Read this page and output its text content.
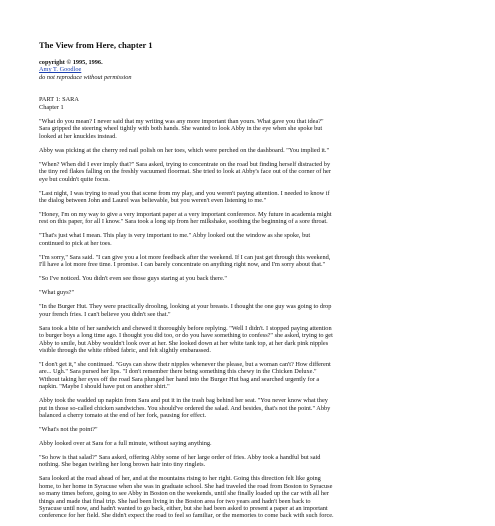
The View from Here, chapter 1
copyright © 1995, 1996.
Amy T. Goodloe
do not reproduce without permission
PART 1: SARA
Chapter 1
"What do you mean? I never said that my writing was any more important than yours. What gave you that idea?"
Sara gripped the steering wheel tightly with both hands. She wanted to look Abby in the eye when she spoke but
looked at her knuckles instead.
Abby was picking at the cherry red nail polish on her toes, which were perched on the dashboard. "You implied it."
"When? When did I ever imply that?" Sara asked, trying to concentrate on the road but finding herself distracted by
the tiny red flakes falling on the freshly vacuumed floormat. She tried to look at Abby's face out of the corner of her
eye but couldn't quite focus.
"Last night, I was trying to read you that scene from my play, and you weren't paying attention. I needed to know if
the dialog between John and Laurel was believable, but you weren't even listening to me."
"Honey, I'm on my way to give a very important paper at a very important conference. My future in academia might
rest on this paper, for all I know." Sara took a long sip from her milkshake, soothing the beginning of a sore throat.
"That's just what I mean. This play is very important to me." Abby looked out the window as she spoke, but
continued to pick at her toes.
"I'm sorry," Sara said. "I can give you a lot more feedback after the weekend. If I can just get through this weekend,
I'll have a lot more free time. I promise. I can barely concentrate on anything right now, and I'm sorry about that."
"So I've noticed. You didn't even see those guys staring at you back there."
"What guys?"
"In the Burger Hut. They were practically drooling, looking at your breasts. I thought the one guy was going to drop
your french fries. I can't believe you didn't see that."
Sara took a bite of her sandwich and chewed it thoroughly before replying. "Well I didn't. I stopped paying attention
to burger boys a long time ago. I thought you did too, or do you have something to confess?" she asked, trying to get
Abby to smile, but Abby wouldn't look over at her. She looked down at her white tank top, at her dark pink nipples
visible through the white ribbed fabric, and felt slightly embarassed.
"I don't get it," she continued. "Guys can show their nipples whenever the please, but a woman can't? How different
are... Ugh." Sara pursed her lips. "I don't remember there being something this chewy in the Chicken Deluxe."
Without taking her eyes off the road Sara plunged her hand into the Burger Hut bag and searched urgently for a
napkin. "Maybe I should have put on another shirt."
Abby took the wadded up napkin from Sara and put it in the trash bag behind her seat. "You never know what they
put in those so-called chicken sandwiches. You should've ordered the salad. And besides, that's not the point." Abby
balanced a cherry tomato at the end of her fork, pausing for effect.
"What's not the point?"
Abby looked over at Sara for a full minute, without saying anything.
"So how is that salad?" Sara asked, offering Abby some of her large order of fries. Abby took a handful but said
nothing. She began twirling her long brown hair into tiny ringlets.
Sara looked at the road ahead of her, and at the mountains rising to her right. Going this direction felt like going
home, to her home in Syracuse when she was in graduate school. She had traveled the road from Boston to Syracuse
so many times before, going to see Abby in Boston on the weekends, until she finally loaded up the car with all her
things and made that final trip. She had been living in the Boston area for two years and hadn't been back to
Syracuse until now, and hadn't wanted to go back, either, but she had been asked to present a paper at an important
conference for her field. She didn't expect the road to feel so familiar, or the memories to come back with such force.
